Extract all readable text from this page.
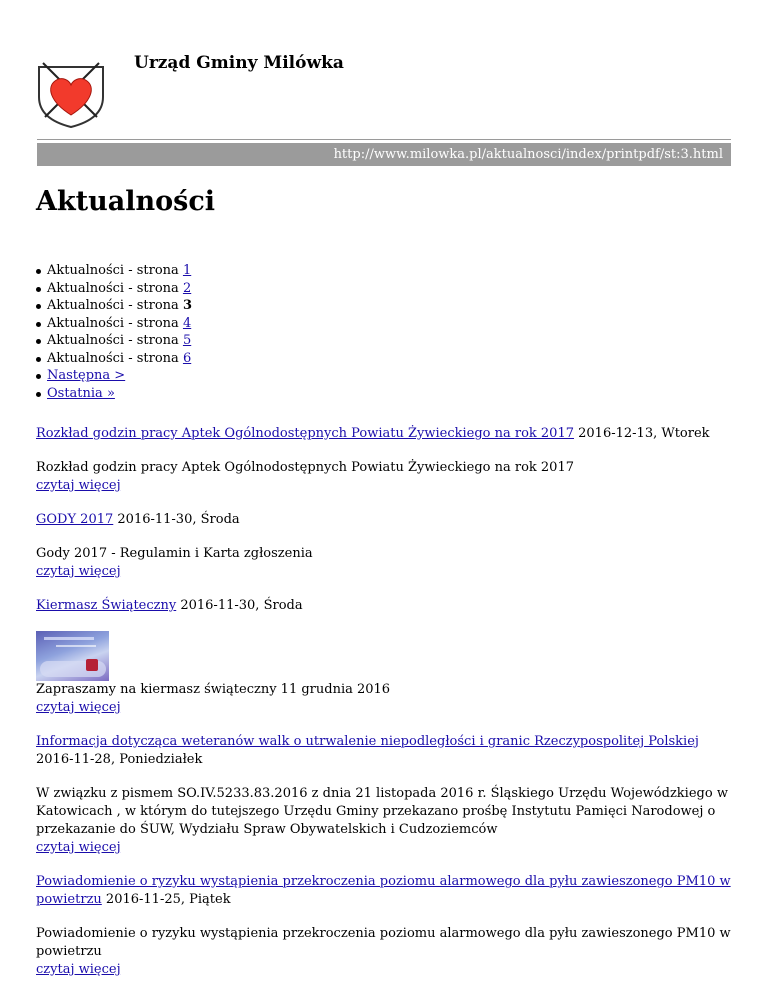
Urząd Gminy Milówka
http://www.milowka.pl/aktualnosci/index/printpdf/st:3.html
Aktualności
Aktualności - strona 1
Aktualności - strona 2
Aktualności - strona 3
Aktualności - strona 4
Aktualności - strona 5
Aktualności - strona 6
Następna >
Ostatnia »

Rozkład godzin pracy Aptek Ogólnodostępnych Powiatu Żywieckiego na rok 2017 2016-12-13, Wtorek

Rozkład godzin pracy Aptek Ogólnodostępnych Powiatu Żywieckiego na rok 2017
czytaj więcej

GODY 2017 2016-11-30, Środa

Gody 2017 - Regulamin i Karta zgłoszenia
czytaj więcej

Kiermasz Świąteczny 2016-11-30, Środa

Zapraszamy na kiermasz świąteczny 11 grudnia 2016
czytaj więcej

Informacja dotycząca weteranów walk o utrwalenie niepodległości i granic Rzeczypospolitej Polskiej
2016-11-28, Poniedziałek

W związku z pismem SO.IV.5233.83.2016 z dnia 21 listopada 2016 r. Śląskiego Urzędu Wojewódzkiego w Katowicach , w którym do tutejszego Urzędu Gminy przekazano prośbę Instytutu Pamięci Narodowej o przekazanie do ŚUW, Wydziału Spraw Obywatelskich i Cudzoziemców
czytaj więcej

Powiadomienie o ryzyku wystąpienia przekroczenia poziomu alarmowego dla pyłu zawieszonego PM10 w powietrzu 2016-11-25, Piątek

Powiadomienie o ryzyku wystąpienia przekroczenia poziomu alarmowego dla pyłu zawieszonego PM10 w powietrzu
czytaj więcej
